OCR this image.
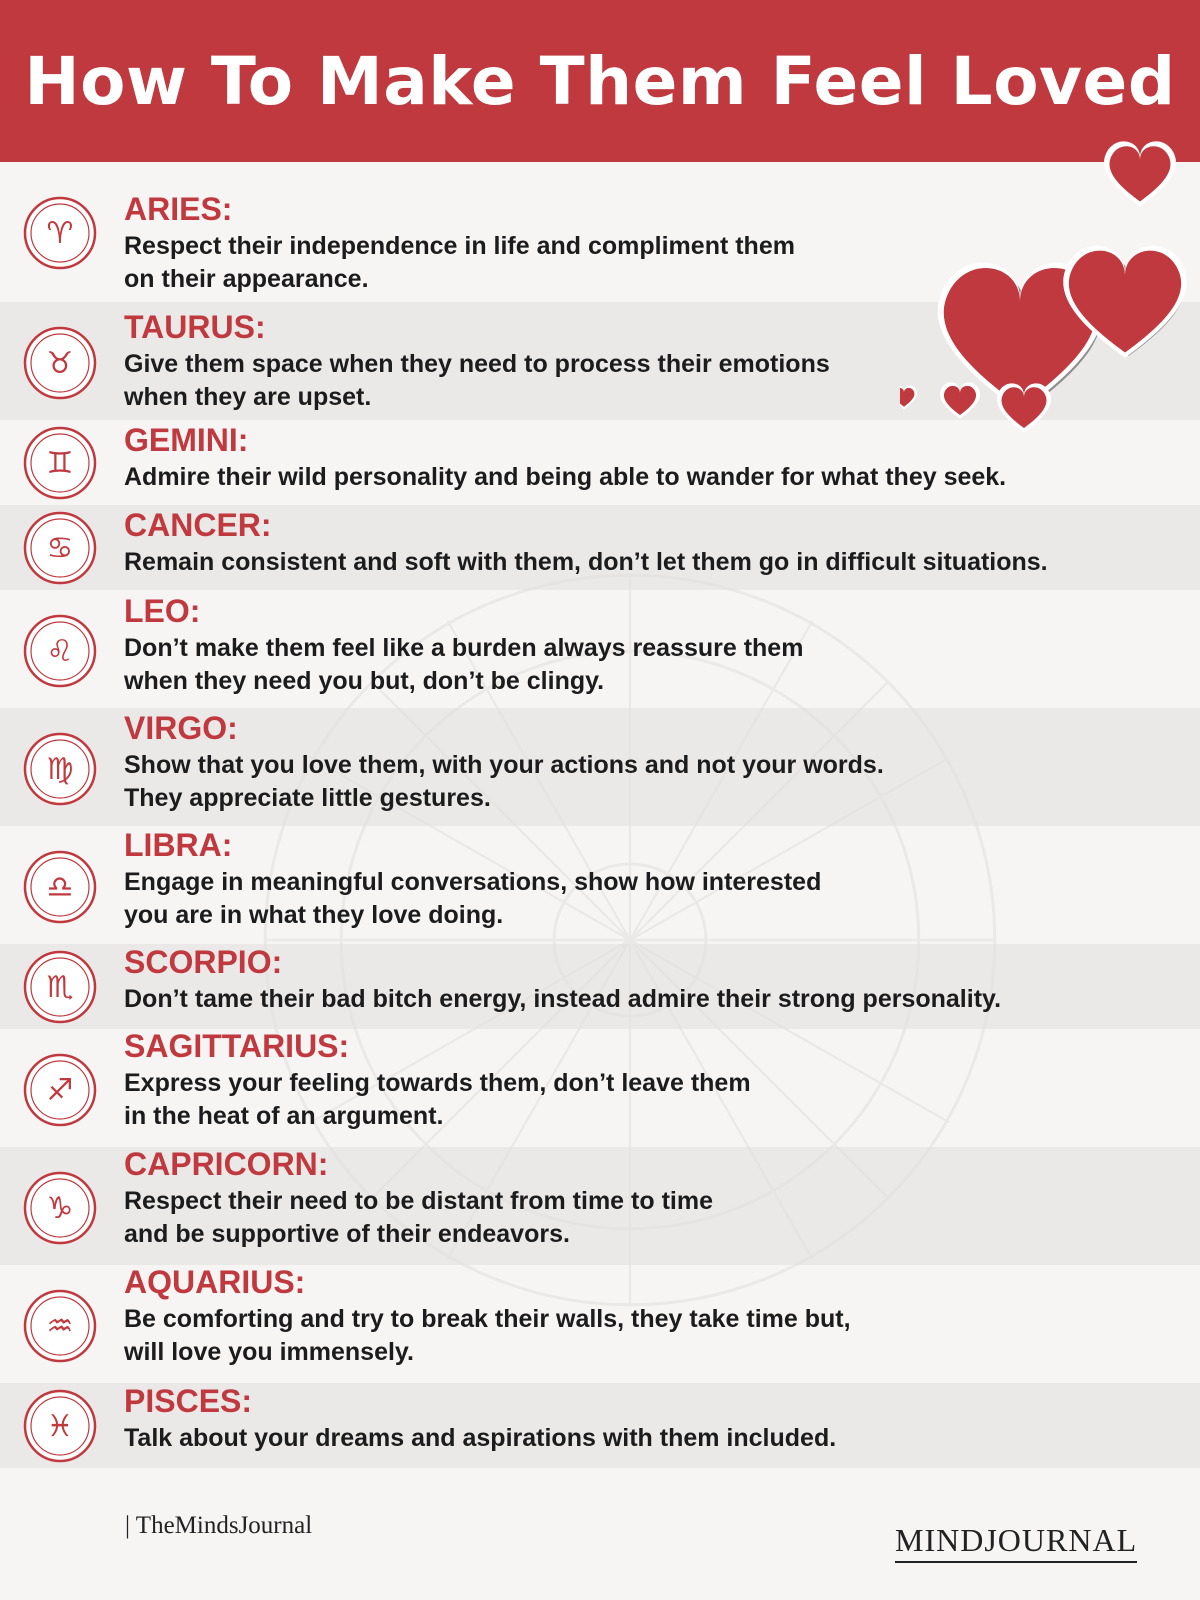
How To Make Them Feel Loved
♈
ARIES:
Respect their independence in life and compliment them
on their appearance.
♉
TAURUS:
Give them space when they need to process their emotions
when they are upset.
♊
GEMINI:
Admire their wild personality and being able to wander for what they seek.
♋
CANCER:
Remain consistent and soft with them, don’t let them go in difficult situations.
♌
LEO:
Don’t make them feel like a burden always reassure them
when they need you but, don’t be clingy.
♍
VIRGO:
Show that you love them, with your actions and not your words.
They appreciate little gestures.
♎
LIBRA:
Engage in meaningful conversations, show how interested
you are in what they love doing.
♏
SCORPIO:
Don’t tame their bad bitch energy, instead admire their strong personality.
♐
SAGITTARIUS:
Express your feeling towards them, don’t leave them
in the heat of an argument.
♑
CAPRICORN:
Respect their need to be distant from time to time
and be supportive of their endeavors.
♒
AQUARIUS:
Be comforting and try to break their walls, they take time but,
will love you immensely.
♓
PISCES:
Talk about your dreams and aspirations with them included.
| TheMindsJournal	MINDJOURNAL
